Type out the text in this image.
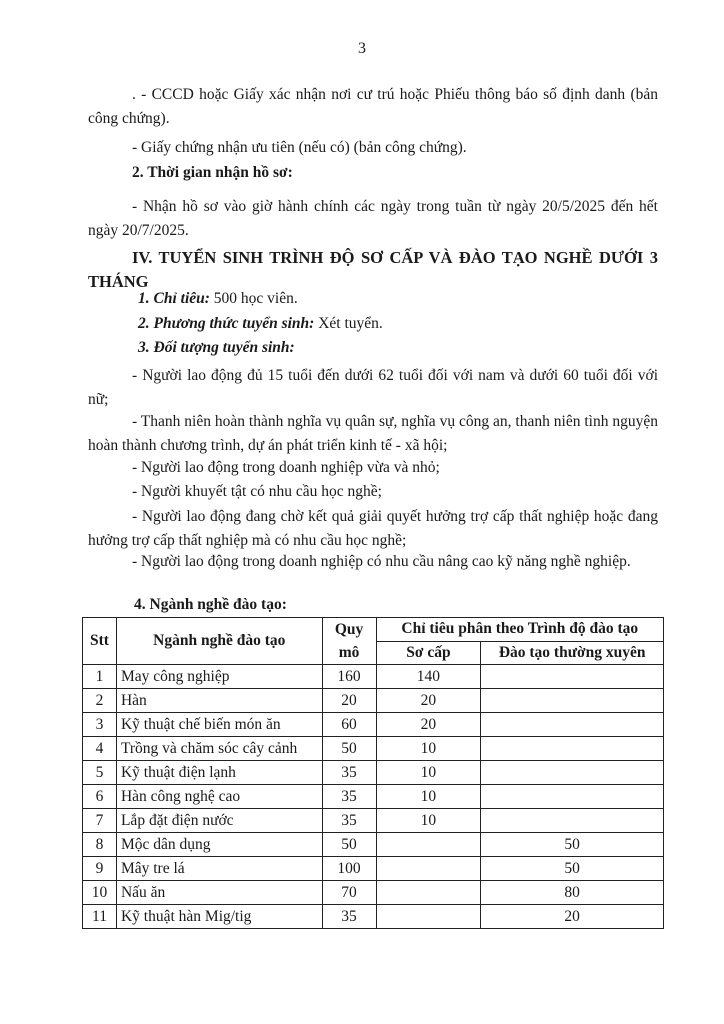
3

. - CCCD hoặc Giấy xác nhận nơi cư trú hoặc Phiếu thông báo số định danh (bản công chứng).

- Giấy chứng nhận ưu tiên (nếu có) (bản công chứng).

2. Thời gian nhận hồ sơ:

- Nhận hồ sơ vào giờ hành chính các ngày trong tuần từ ngày 20/5/2025 đến hết ngày 20/7/2025.

IV. TUYỂN SINH TRÌNH ĐỘ SƠ CẤP VÀ ĐÀO TẠO NGHỀ DƯỚI 3 THÁNG

1. Chỉ tiêu: 500 học viên.
2. Phương thức tuyển sinh: Xét tuyển.
3. Đối tượng tuyển sinh:

- Người lao động đủ 15 tuổi đến dưới 62 tuổi đối với nam và dưới 60 tuổi đối với nữ;

- Thanh niên hoàn thành nghĩa vụ quân sự, nghĩa vụ công an, thanh niên tình nguyện hoàn thành chương trình, dự án phát triển kinh tế - xã hội;

- Người lao động trong doanh nghiệp vừa và nhỏ;

- Người khuyết tật có nhu cầu học nghề;

- Người lao động đang chờ kết quả giải quyết hưởng trợ cấp thất nghiệp hoặc đang hưởng trợ cấp thất nghiệp mà có nhu cầu học nghề;

- Người lao động trong doanh nghiệp có nhu cầu nâng cao kỹ năng nghề nghiệp.

4. Ngành nghề đào tạo:
Stt	Ngành nghề đào tạo	Quy mô	Chỉ tiêu phân theo Trình độ đào tạo	
			Sơ cấp	Đào tạo thường xuyên
1	May công nghiệp	160	140	
2	Hàn	20	20	
3	Kỹ thuật chế biến món ăn	60	20	
4	Trồng và chăm sóc cây cảnh	50	10	
5	Kỹ thuật điện lạnh	35	10	
6	Hàn công nghệ cao	35	10	
7	Lắp đặt điện nước	35	10	
8	Mộc dân dụng	50		50
9	Mây tre lá	100		50
10	Nấu ăn	70		80
11	Kỹ thuật hàn Mig/tig	35		20
